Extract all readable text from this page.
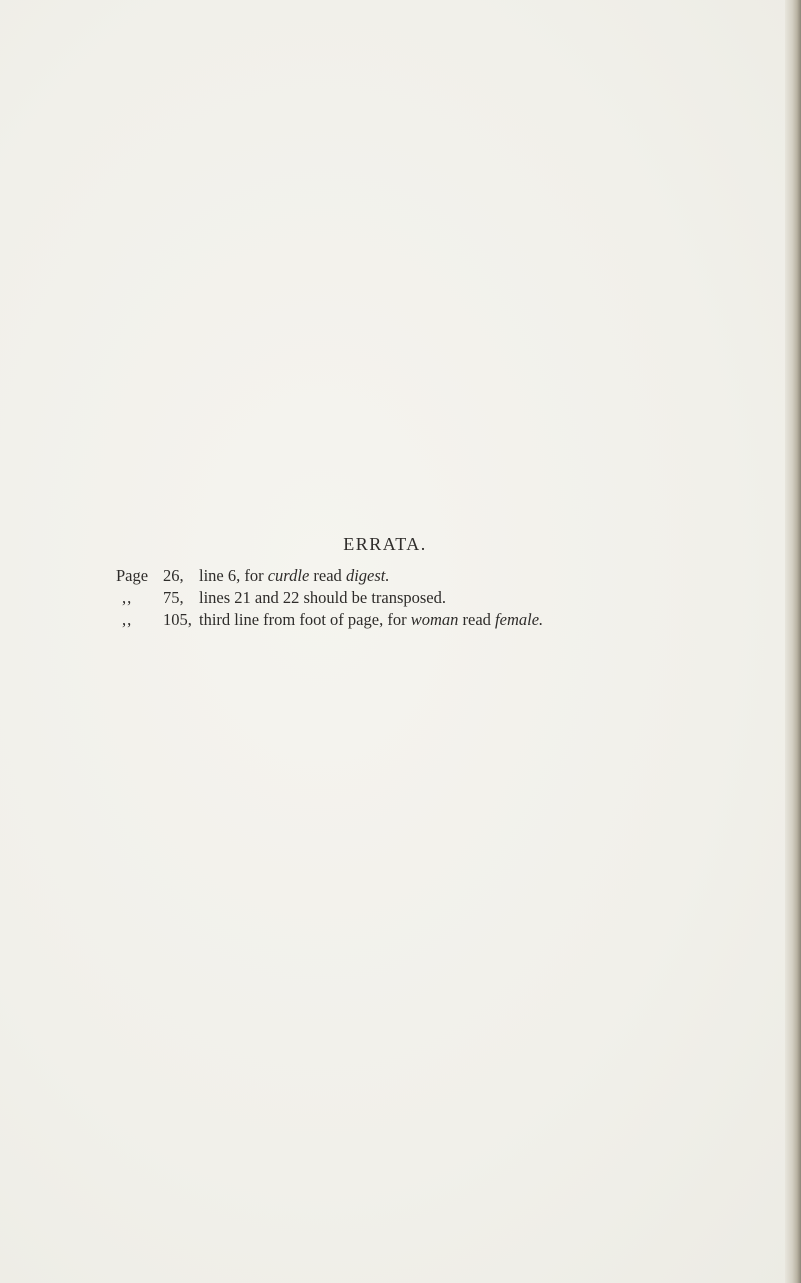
ERRATA.
Page 26, line 6, for curdle read digest.
,, 75, lines 21 and 22 should be transposed.
,, 105, third line from foot of page, for woman read female.
